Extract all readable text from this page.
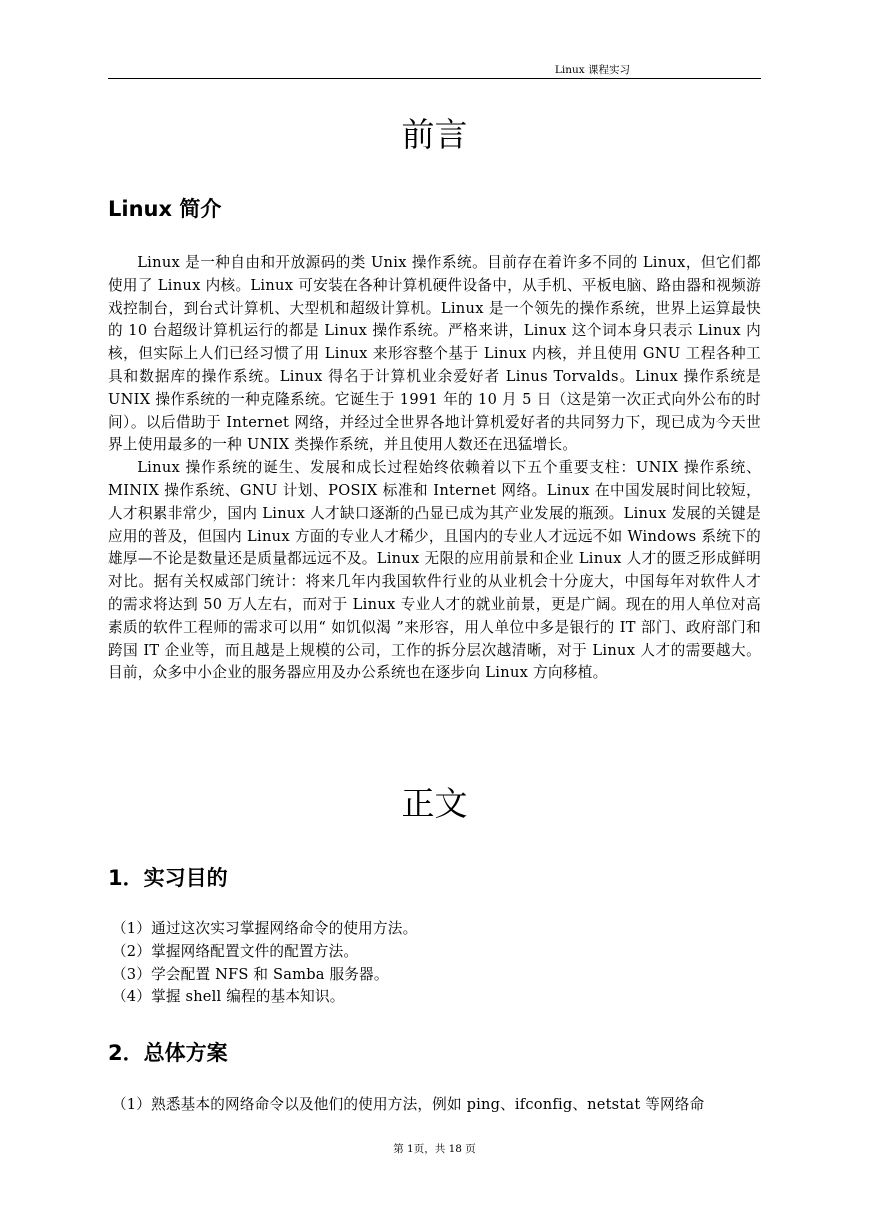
Linux 课程实习
前言
Linux 简介

Linux 是一种自由和开放源码的类 Unix 操作系统。目前存在着许多不同的 Linux，但它们都使用了 Linux 内核。Linux 可安装在各种计算机硬件设备中，从手机、平板电脑、路由器和视频游戏控制台，到台式计算机、大型机和超级计算机。Linux 是一个领先的操作系统，世界上运算最快的 10 台超级计算机运行的都是 Linux 操作系统。严格来讲，Linux 这个词本身只表示 Linux 内核，但实际上人们已经习惯了用 Linux 来形容整个基于 Linux 内核，并且使用 GNU 工程各种工具和数据库的操作系统。Linux 得名于计算机业余爱好者 Linus Torvalds。Linux 操作系统是 UNIX 操作系统的一种克隆系统。它诞生于 1991 年的 10 月 5 日（这是第一次正式向外公布的时间）。以后借助于 Internet 网络，并经过全世界各地计算机爱好者的共同努力下，现已成为今天世界上使用最多的一种 UNIX 类操作系统，并且使用人数还在迅猛增长。

Linux 操作系统的诞生、发展和成长过程始终依赖着以下五个重要支柱：UNIX 操作系统、MINIX 操作系统、GNU 计划、POSIX 标准和 Internet 网络。Linux 在中国发展时间比较短，人才积累非常少，国内 Linux 人才缺口逐渐的凸显已成为其产业发展的瓶颈。Linux 发展的关键是应用的普及，但国内 Linux 方面的专业人才稀少，且国内的专业人才远远不如 Windows 系统下的雄厚—不论是数量还是质量都远远不及。Linux 无限的应用前景和企业 Linux 人才的匮乏形成鲜明对比。据有关权威部门统计：将来几年内我国软件行业的从业机会十分庞大，中国每年对软件人才的需求将达到 50 万人左右，而对于 Linux 专业人才的就业前景，更是广阔。现在的用人单位对高素质的软件工程师的需求可以用“ 如饥似渴 ”来形容，用人单位中多是银行的 IT 部门、政府部门和跨国 IT 企业等，而且越是上规模的公司，工作的拆分层次越清晰，对于 Linux 人才的需要越大。目前，众多中小企业的服务器应用及办公系统也在逐步向 Linux 方向移植。

正文
1．实习目的
（1）通过这次实习掌握网络命令的使用方法。
（2）掌握网络配置文件的配置方法。
（3）学会配置 NFS 和 Samba 服务器。
（4）掌握 shell 编程的基本知识。
2．总体方案
（1）熟悉基本的网络命令以及他们的使用方法，例如 ping、ifconfig、netstat 等网络命
第 1页，共 18 页
